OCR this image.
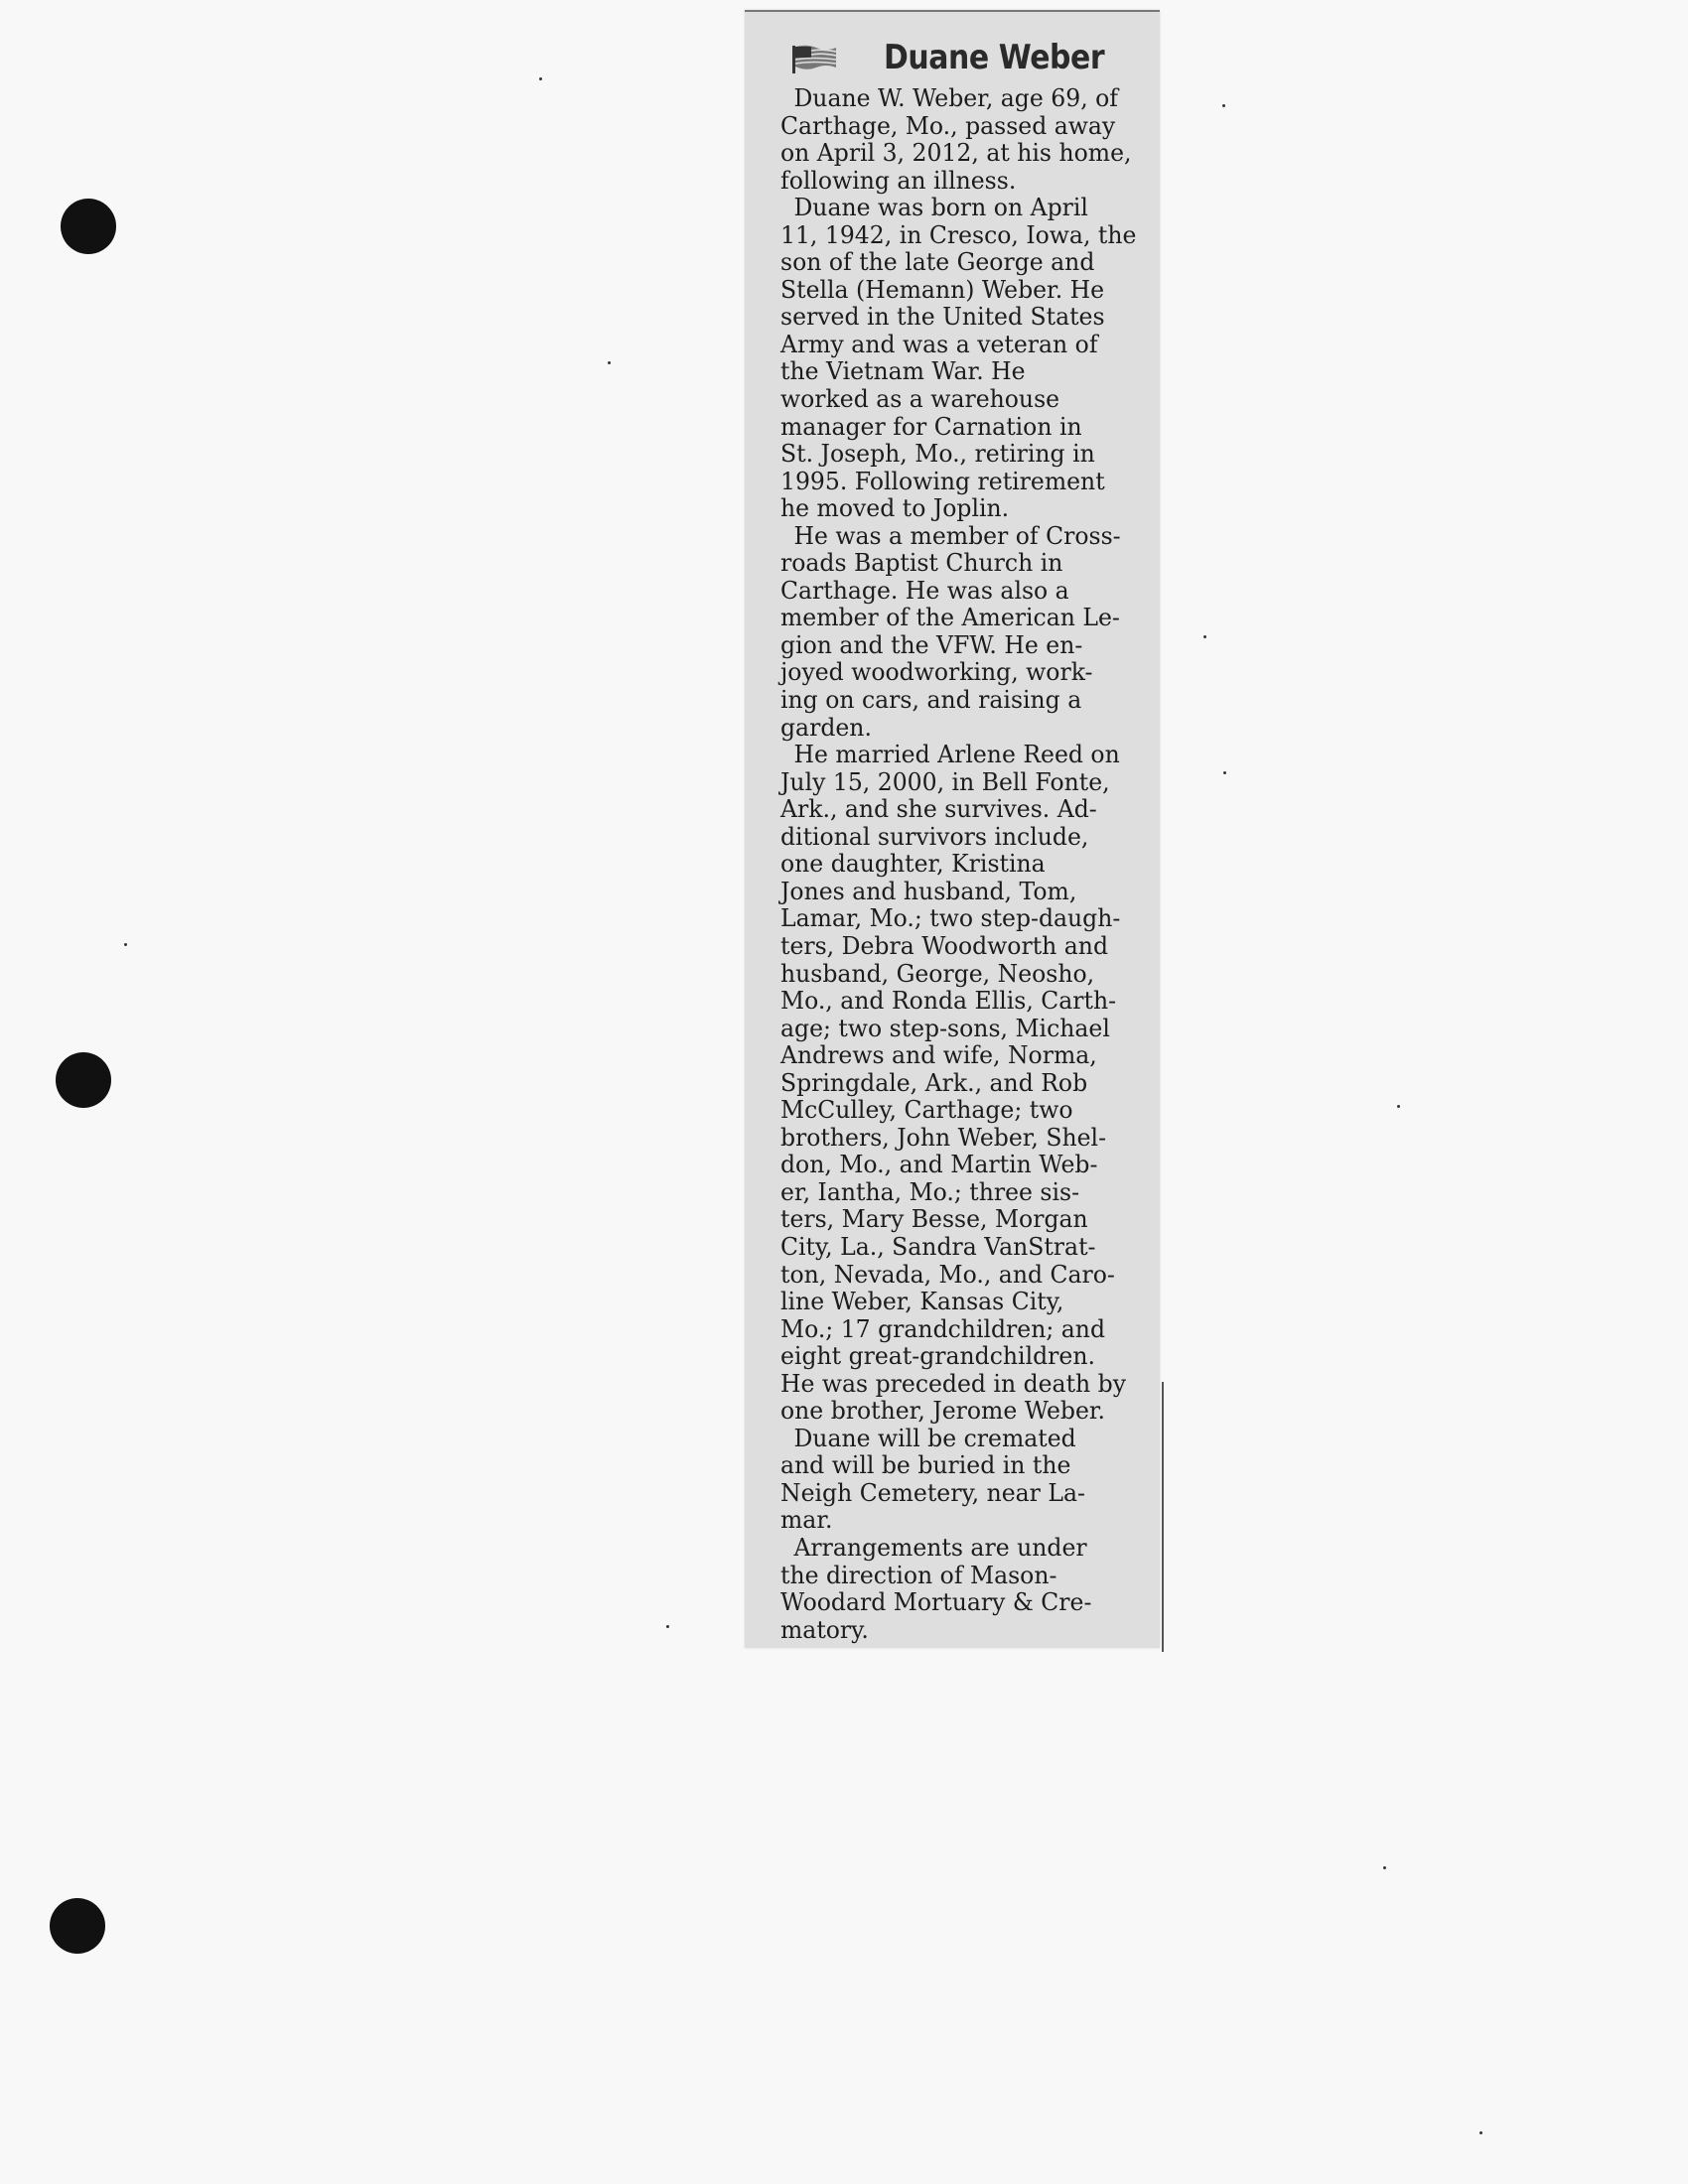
Duane Weber
Duane W. Weber, age 69, of
Carthage, Mo., passed away
on April 3, 2012, at his home,
following an illness.
Duane was born on April
11, 1942, in Cresco, Iowa, the
son of the late George and
Stella (Hemann) Weber. He
served in the United States
Army and was a veteran of
the Vietnam War. He
worked as a warehouse
manager for Carnation in
St. Joseph, Mo., retiring in
1995. Following retirement
he moved to Joplin.
He was a member of Cross-
roads Baptist Church in
Carthage. He was also a
member of the American Le-
gion and the VFW. He en-
joyed woodworking, work-
ing on cars, and raising a
garden.
He married Arlene Reed on
July 15, 2000, in Bell Fonte,
Ark., and she survives. Ad-
ditional survivors include,
one daughter, Kristina
Jones and husband, Tom,
Lamar, Mo.; two step-daugh-
ters, Debra Woodworth and
husband, George, Neosho,
Mo., and Ronda Ellis, Carth-
age; two step-sons, Michael
Andrews and wife, Norma,
Springdale, Ark., and Rob
McCulley, Carthage; two
brothers, John Weber, Shel-
don, Mo., and Martin Web-
er, Iantha, Mo.; three sis-
ters, Mary Besse, Morgan
City, La., Sandra VanStrat-
ton, Nevada, Mo., and Caro-
line Weber, Kansas City,
Mo.; 17 grandchildren; and
eight great-grandchildren.
He was preceded in death by
one brother, Jerome Weber.
Duane will be cremated
and will be buried in the
Neigh Cemetery, near La-
mar.
Arrangements are under
the direction of Mason-
Woodard Mortuary & Cre-
matory.
